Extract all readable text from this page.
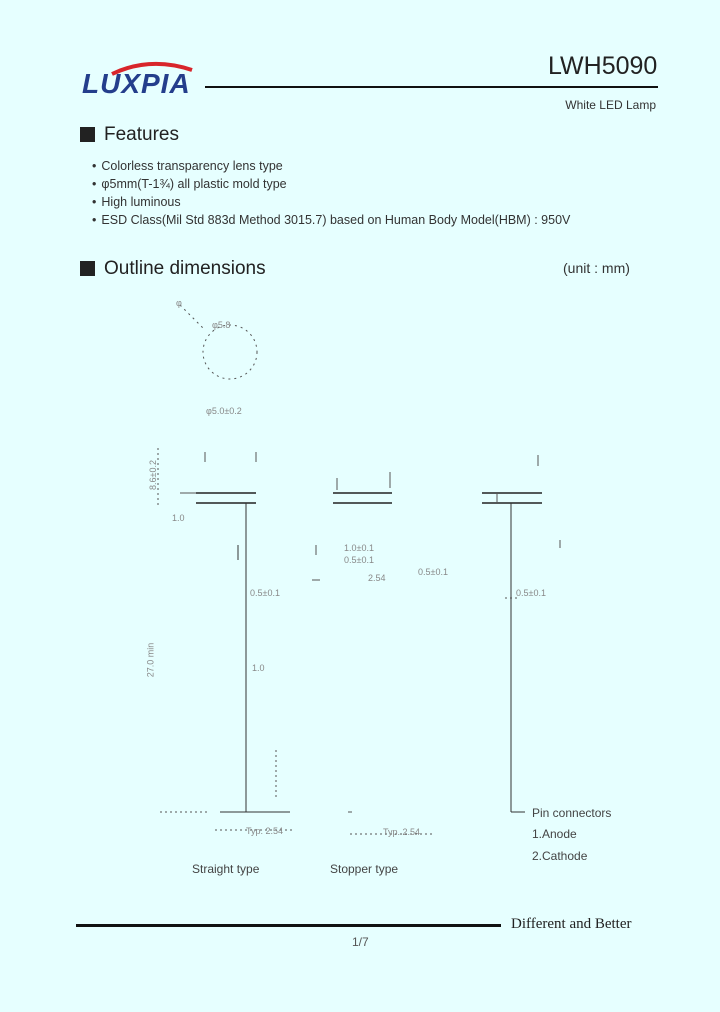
LUXPIA
LWH5090
White LED Lamp
Features
• Colorless transparency lens type
• φ5mm(T-1¾) all plastic mold type
• High luminous
• ESD Class(Mil Std 883d Method 3015.7) based on Human Body Model(HBM) : 950V
Outline dimensions	(unit : mm)
φ
φ5.8
φ5.0±0.2
8.6±0.2
1.0
27.0 min
0.5±0.1
0.5±0.1
0.5±0.1
1.0±0.1
0.5±0.1
2.54
Typ. 2.54	Typ. 2.54
1.0
Straight type	Stopper type
Pin connectors
1.Anode
2.Cathode
Different and Better
1/7
